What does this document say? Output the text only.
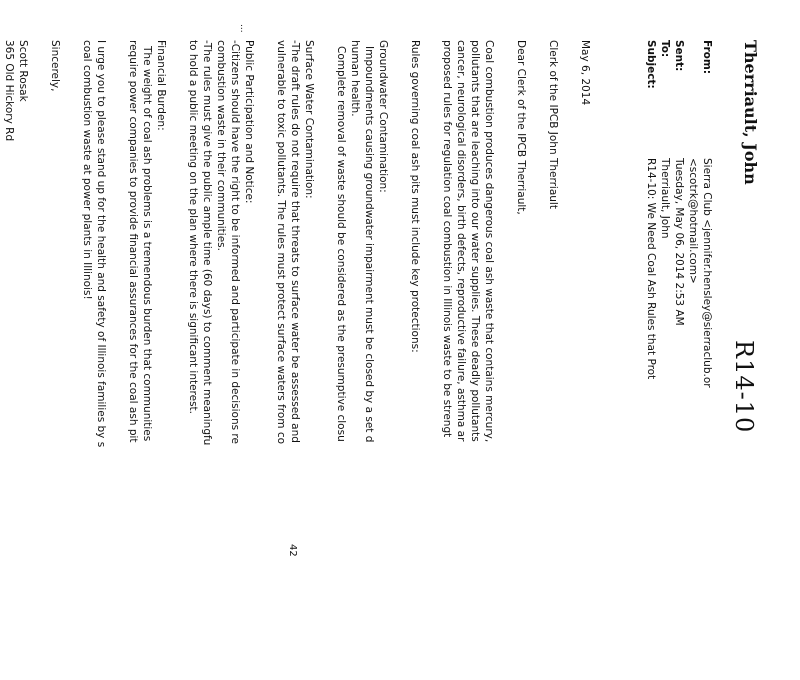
R14-10
Therriault, John
From:
Sierra Club <jennifer.hensley@sierraclub.or
<scotrk@hotmail.com>
Sent:
Tuesday, May 06, 2014 2:53 AM
To:
Therriault, John
Subject:
R14-10: We Need Coal Ash Rules that Prot
May 6, 2014
Clerk of the IPCB John Therriault
Dear Clerk of the IPCB Therriault,
Coal combustion produces dangerous coal ash waste that contains mercury,
pollutants that are leaching into our water supplies. These deadly pollutants
cancer, neurological disorders, birth defects, reproductive failure, asthma ar
proposed rules for regulation coal combustion in Illinois waste to be strengt
Rules governing coal ash pits must include key protections:
Groundwater Contamination:
Impoundments causing groundwater impairment must be closed by a set d
human health.
Complete removal of waste should be considered as the presumptive closu
Surface Water Contamination:
-The draft rules do not require that threats to surface water be assessed and
vulnerable to toxic pollutants. The rules must protect surface waters from co
Public Participation and Notice:
-Citizens should have the right to be informed and participate in decisions re
combustion waste in their communities.
-The rules must give the public ample time (60 days) to comment meaningfu
to hold a public meeting on the plan where there is significant interest.
Financial Burden:
The weight of coal ash problems is a tremendous burden that communities
require power companies to provide financial assurances for the coal ash pit
I urge you to please stand up for the health and safety of Illinois families by s
coal combustion waste at power plants in Illinois!
Sincerely,
Scott Rosak
365 Old Hickory Rd
42
...
